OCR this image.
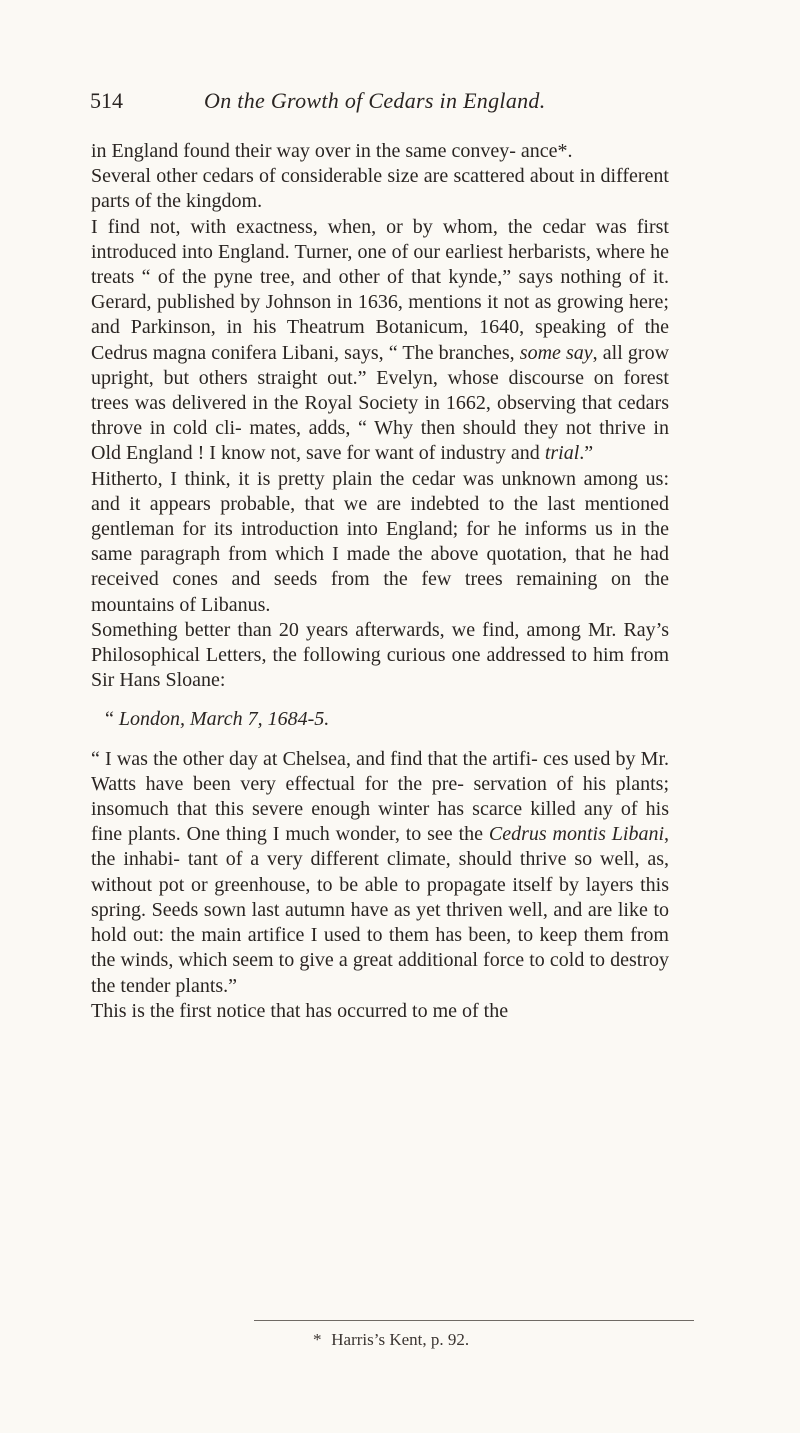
514	On the Growth of Cedars in England.

in England found their way over in the same convey- ance*.

Several other cedars of considerable size are scattered about in different parts of the kingdom.

I find not, with exactness, when, or by whom, the cedar was first introduced into England. Turner, one of our earliest herbarists, where he treats “ of the pyne tree, and other of that kynde,” says nothing of it. Gerard, published by Johnson in 1636, mentions it not as growing here; and Parkinson, in his Theatrum Botanicum, 1640, speaking of the Cedrus magna conifera Libani, says, “ The branches, some say, all grow upright, but others straight out.” Evelyn, whose discourse on forest trees was delivered in the Royal Society in 1662, observing that cedars throve in cold cli- mates, adds, “ Why then should they not thrive in Old England ! I know not, save for want of industry and trial.”

Hitherto, I think, it is pretty plain the cedar was unknown among us: and it appears probable, that we are indebted to the last mentioned gentleman for its introduction into England; for he informs us in the same paragraph from which I made the above quotation, that he had received cones and seeds from the few trees remaining on the mountains of Libanus.

Something better than 20 years afterwards, we find, among Mr. Ray’s Philosophical Letters, the following curious one addressed to him from Sir Hans Sloane:

“ London, March 7, 1684-5.

“ I was the other day at Chelsea, and find that the artifi- ces used by Mr. Watts have been very effectual for the pre- servation of his plants; insomuch that this severe enough winter has scarce killed any of his fine plants. One thing I much wonder, to see the Cedrus montis Libani, the inhabi- tant of a very different climate, should thrive so well, as, without pot or greenhouse, to be able to propagate itself by layers this spring. Seeds sown last autumn have as yet thriven well, and are like to hold out: the main artifice I used to them has been, to keep them from the winds, which seem to give a great additional force to cold to destroy the tender plants.”

This is the first notice that has occurred to me of the

* Harris’s Kent, p. 92.
